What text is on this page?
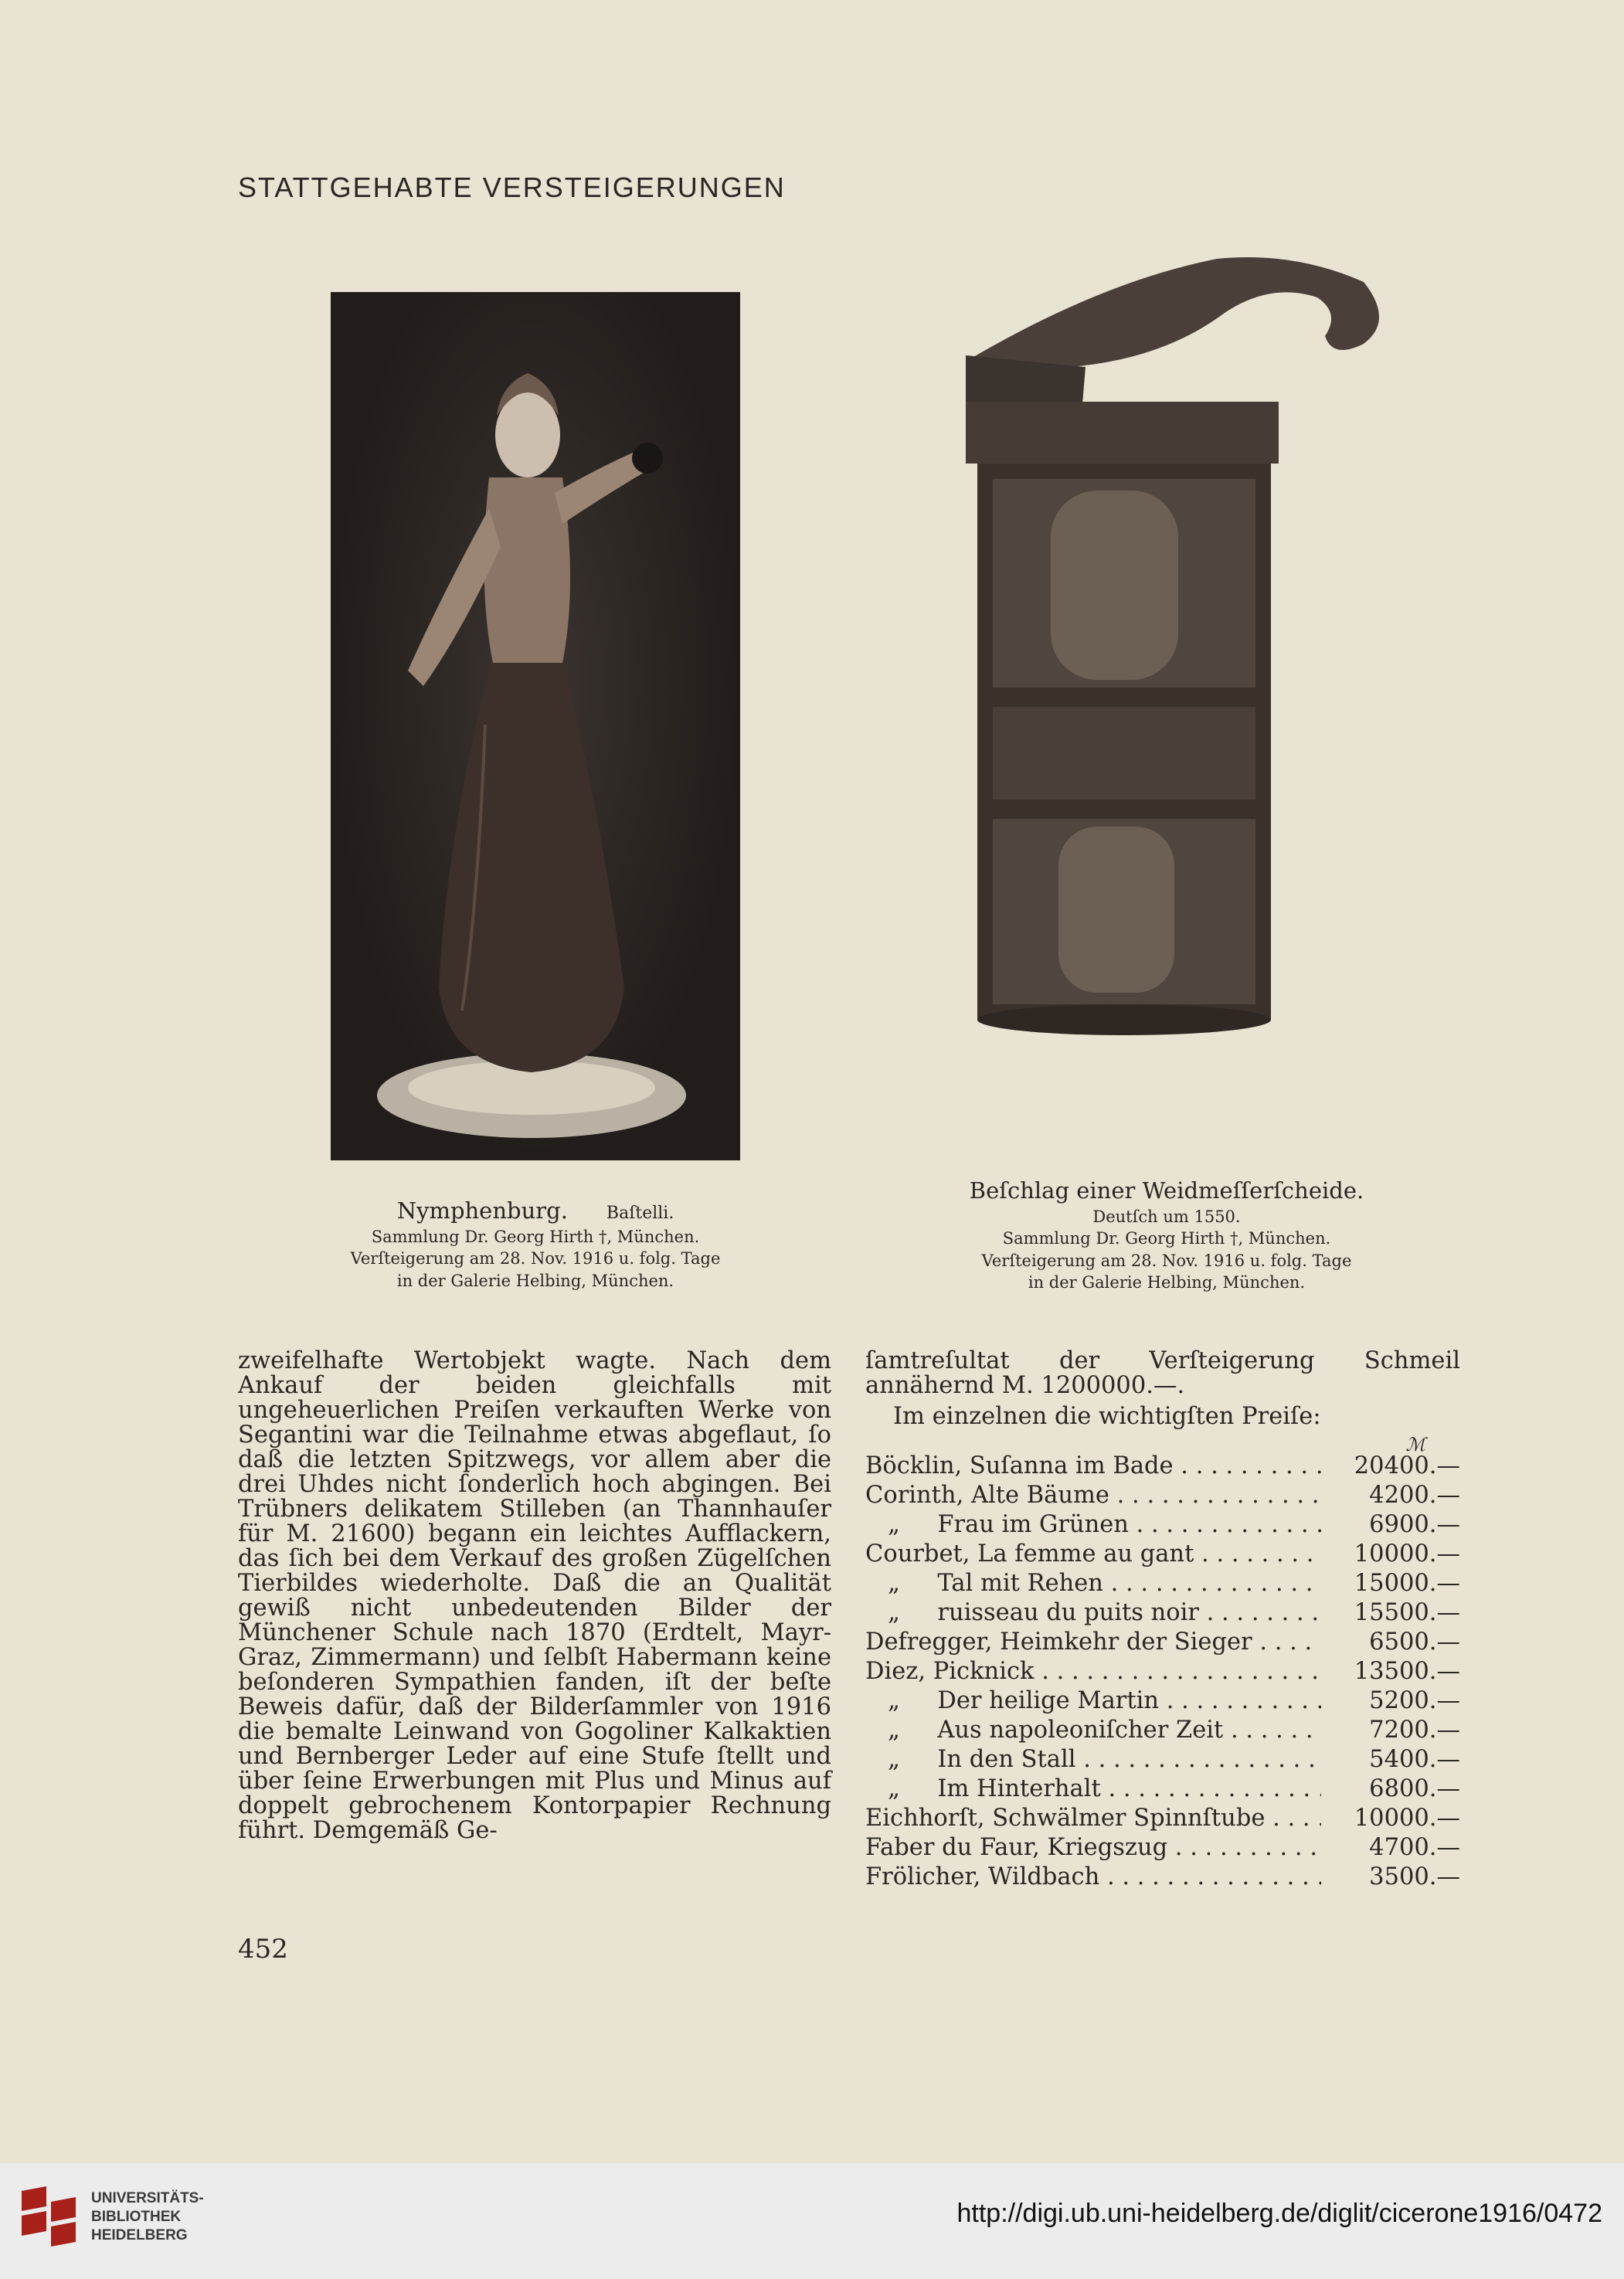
STATTGEHABTE VERSTEIGERUNGEN
Nymphenburg. Baſtelli.
Sammlung Dr. Georg Hirth †, München.
Verſteigerung am 28. Nov. 1916 u. folg. Tage
in der Galerie Helbing, München.
Beſchlag einer Weidmeſſerſcheide.
Deutſch um 1550.
Sammlung Dr. Georg Hirth †, München.
Verſteigerung am 28. Nov. 1916 u. folg. Tage
in der Galerie Helbing, München.

zweifelhafte Wertobjekt wagte. Nach dem Ankauf der beiden gleichfalls mit ungeheuerlichen Preiſen verkauften Werke von Segantini war die Teilnahme etwas abgeflaut, ſo daß die letzten Spitzwegs, vor allem aber die drei Uhdes nicht ſonderlich hoch abgingen. Bei Trübners delikatem Stilleben (an Thannhauſer für M. 21600) begann ein leichtes Aufflackern, das ſich bei dem Verkauf des großen Zügelſchen Tierbildes wiederholte. Daß die an Qualität gewiß nicht unbedeutenden Bilder der Münchener Schule nach 1870 (Erdtelt, Mayr-Graz, Zimmermann) und ſelbſt Habermann keine beſonderen Sympathien fanden, iſt der beſte Beweis dafür, daß der Bilderſammler von 1916 die bemalte Leinwand von Gogoliner Kalkaktien und Bernberger Leder auf eine Stufe ſtellt und über ſeine Erwerbungen mit Plus und Minus auf doppelt gebrochenem Kontorpapier Rechnung führt. Demgemäß Ge-

ſamtreſultat der Verſteigerung Schmeil annähernd M. 1200000.—.

Im einzelnen die wichtigſten Preiſe:

ℳ
Böcklin, Suſanna im Bade . . .	20400.—
Corinth, Alte Bäume . . .	4200.—
„     Frau im Grünen . . .	6900.—
Courbet, La femme au gant . . .	10000.—
„     Tal mit Rehen . . .	15000.—
„     ruisseau du puits noir . . .	15500.—
Defregger, Heimkehr der Sieger . . .	6500.—
Diez, Picknick . . .	13500.—
„     Der heilige Martin . . .	5200.—
„     Aus napoleoniſcher Zeit . . .	7200.—
„     In den Stall . . .	5400.—
„     Im Hinterhalt . . .	6800.—
Eichhorſt, Schwälmer Spinnſtube . . .	10000.—
Faber du Faur, Kriegszug . . .	4700.—
Frölicher, Wildbach . . .	3500.—
452
UNIVERSITÄTS-
BIBLIOTHEK
HEIDELBERG
http://digi.ub.uni-heidelberg.de/diglit/cicerone1916/0472
